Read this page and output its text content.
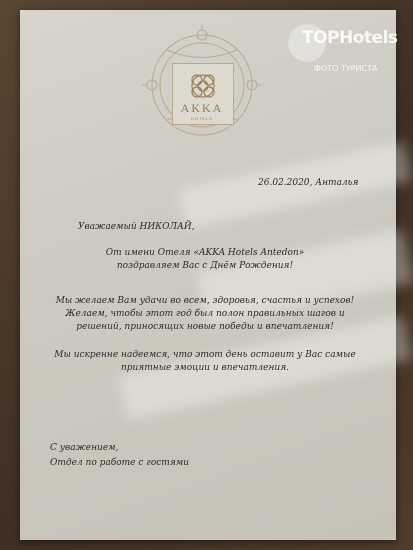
AKKA
HOTELS
TOPHotels
ФОТО ТУРИСТА
26.02.2020, Анталья
Уважаемый НИКОЛАЙ,
От имени Отеля «AKKA Hotels Antedon»
поздравляем Вас с Днём Рождения!
Мы желаем Вам удачи во всем, здоровья, счастья и успехов!
Желаем, чтобы этот год был полон правильных шагов и
решений, приносящих новые победы и впечатления!
Мы искренне надеемся, что этот день оставит у Вас самые
приятные эмоции и впечатления.
С уважением,
Отдел по работе с гостями
